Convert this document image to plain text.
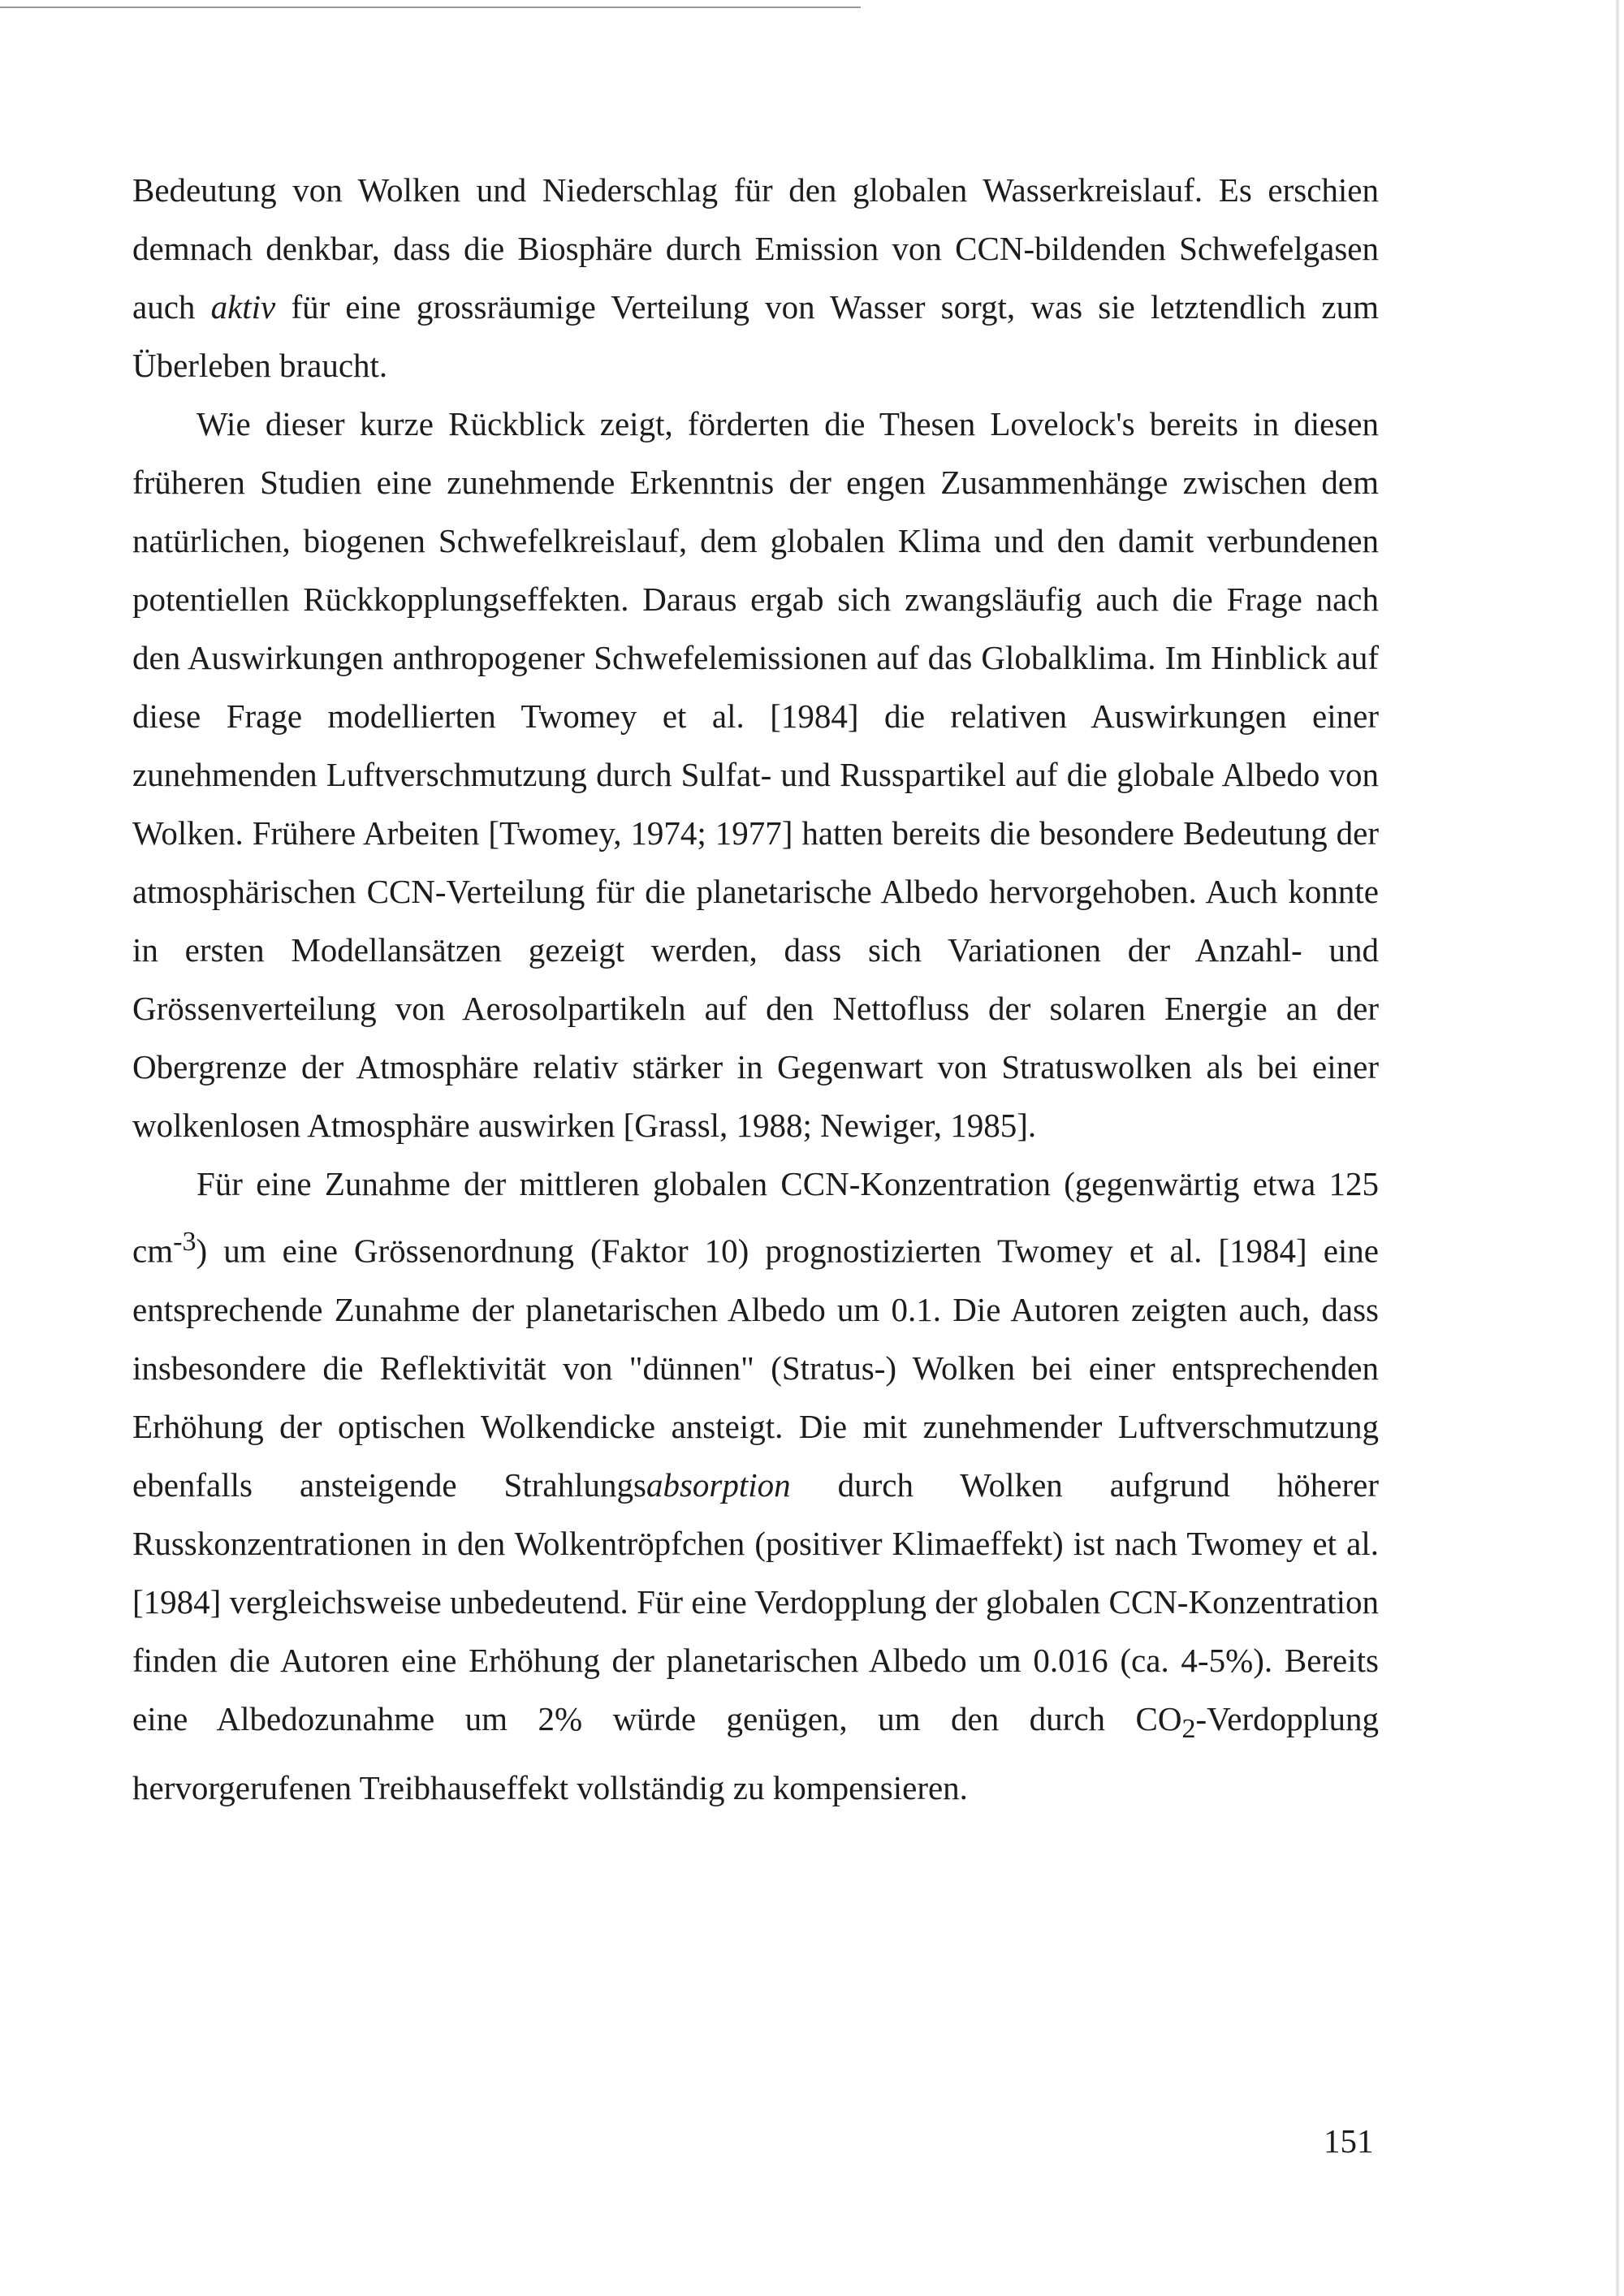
Bedeutung von Wolken und Niederschlag für den globalen Wasserkreislauf. Es erschien demnach denkbar, dass die Biosphäre durch Emission von CCN-bildenden Schwefelgasen auch aktiv für eine grossräumige Verteilung von Wasser sorgt, was sie letztendlich zum Überleben braucht.

Wie dieser kurze Rückblick zeigt, förderten die Thesen Lovelock's bereits in diesen früheren Studien eine zunehmende Erkenntnis der engen Zusammenhänge zwischen dem natürlichen, biogenen Schwefelkreislauf, dem globalen Klima und den damit verbundenen potentiellen Rückkopplungseffekten. Daraus ergab sich zwangsläufig auch die Frage nach den Auswirkungen anthropogener Schwefelemissionen auf das Globalklima. Im Hinblick auf diese Frage modellierten Twomey et al. [1984] die relativen Auswirkungen einer zunehmenden Luftverschmutzung durch Sulfat- und Russpartikel auf die globale Albedo von Wolken. Frühere Arbeiten [Twomey, 1974; 1977] hatten bereits die besondere Bedeutung der atmosphärischen CCN-Verteilung für die planetarische Albedo hervorgehoben. Auch konnte in ersten Modellansätzen gezeigt werden, dass sich Variationen der Anzahl- und Grössenverteilung von Aerosolpartikeln auf den Nettofluss der solaren Energie an der Obergrenze der Atmosphäre relativ stärker in Gegenwart von Stratuswolken als bei einer wolkenlosen Atmosphäre auswirken [Grassl, 1988; Newiger, 1985].

Für eine Zunahme der mittleren globalen CCN-Konzentration (gegenwärtig etwa 125 $cm^{-3}$) um eine Grössenordnung (Faktor 10) prognostizierten Twomey et al. [1984] eine entsprechende Zunahme der planetarischen Albedo um 0.1. Die Autoren zeigten auch, dass insbesondere die Reflektivität von "dünnen" (Stratus-) Wolken bei einer entsprechenden Erhöhung der optischen Wolkendicke ansteigt. Die mit zunehmender Luftverschmutzung ebenfalls ansteigende Strahlungsabsorption durch Wolken aufgrund höherer Russkonzentrationen in den Wolkentröpfchen (positiver Klimaeffekt) ist nach Twomey et al. [1984] vergleichsweise unbedeutend. Für eine Verdopplung der globalen CCN-Konzentration finden die Autoren eine Erhöhung der planetarischen Albedo um 0.016 (ca. 4-5%). Bereits eine Albedozunahme um 2% würde genügen, um den durch $CO_2$-Verdopplung hervorgerufenen Treibhauseffekt vollständig zu kompensieren.

151
